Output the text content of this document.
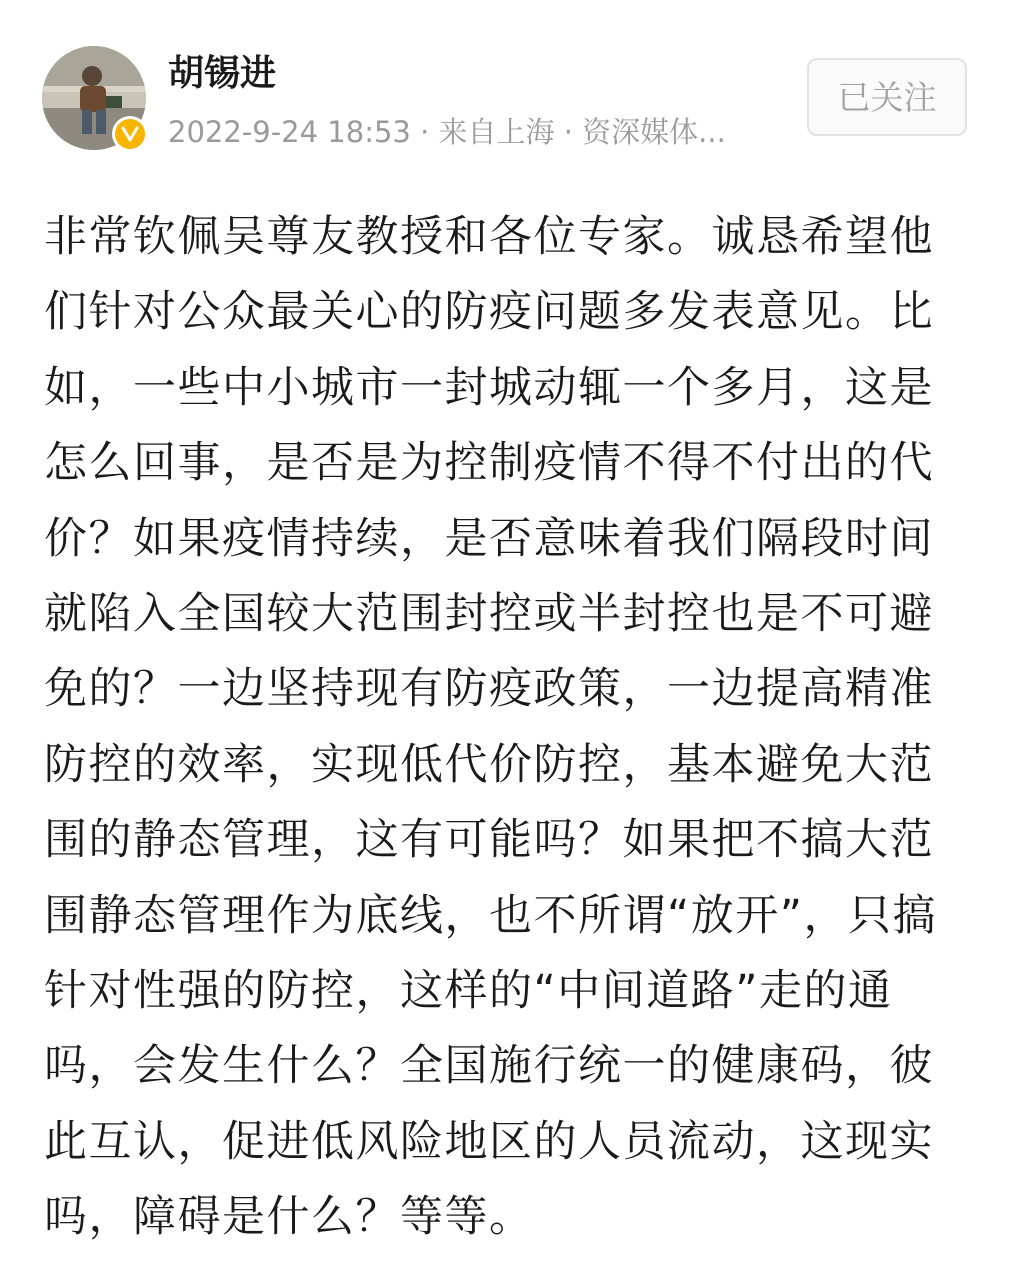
胡锡进
2022-9-24 18:53 · 来自上海 · 资深媒体...
已关注
非常钦佩吴尊友教授和各位专家。诚恳希望他
们针对公众最关心的防疫问题多发表意见。比
如，一些中小城市一封城动辄一个多月，这是
怎么回事，是否是为控制疫情不得不付出的代
价？如果疫情持续，是否意味着我们隔段时间
就陷入全国较大范围封控或半封控也是不可避
免的？一边坚持现有防疫政策，一边提高精准
防控的效率，实现低代价防控，基本避免大范
围的静态管理，这有可能吗？如果把不搞大范
围静态管理作为底线，也不所谓“放开”，只搞
针对性强的防控，这样的“中间道路”走的通
吗，会发生什么？全国施行统一的健康码，彼
此互认，促进低风险地区的人员流动，这现实
吗，障碍是什么？等等。
